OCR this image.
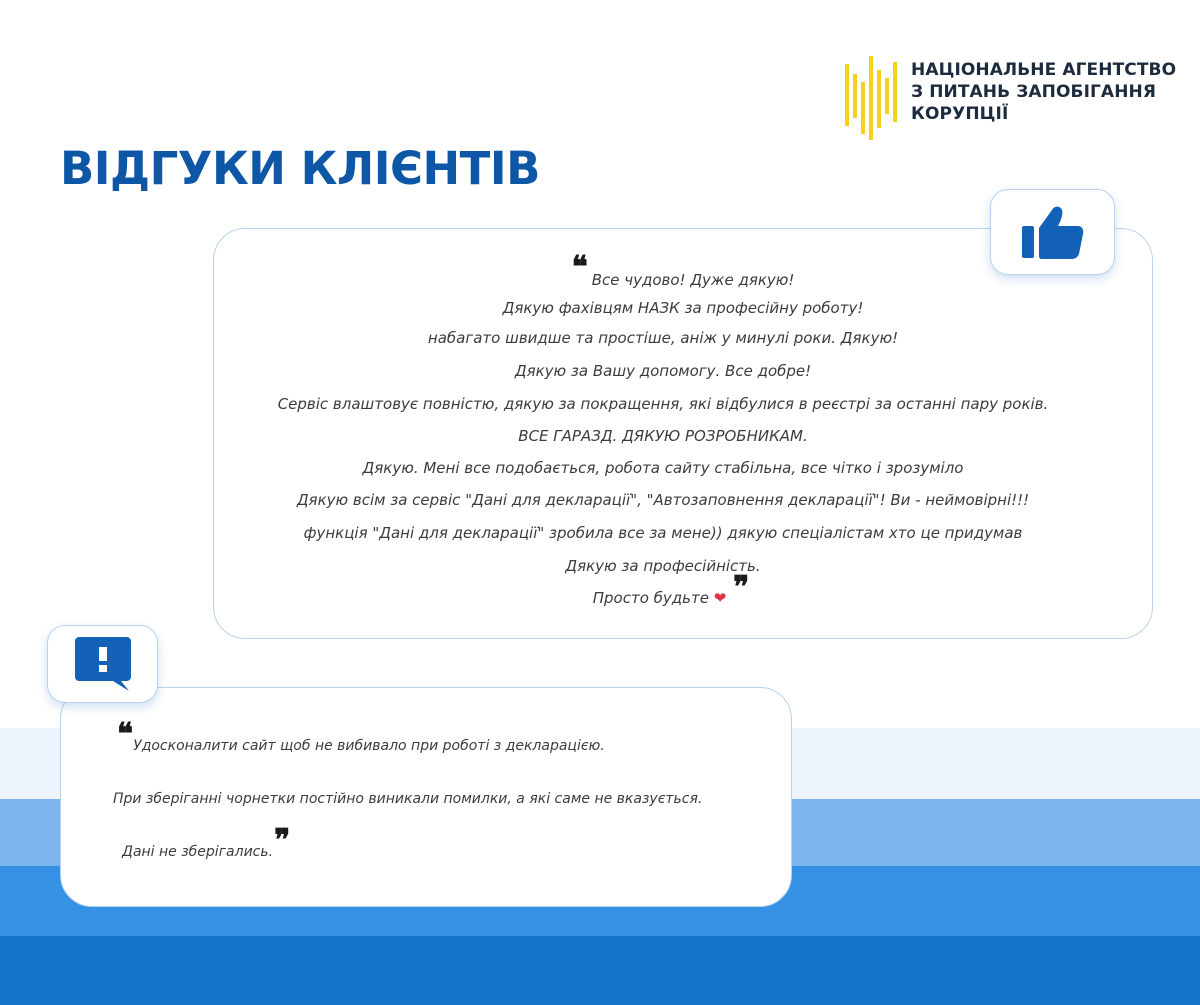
НАЦІОНАЛЬНЕ АГЕНТСТВО
З ПИТАНЬ ЗАПОБІГАННЯ
КОРУПЦІЇ
ВІДГУКИ КЛІЄНТІВ
❝ Все чудово! Дуже дякую!
Дякую фахівцям НАЗК за професійну роботу!
набагато швидше та простіше, аніж у минулі роки. Дякую!
Дякую за Вашу допомогу. Все добре!
Сервіс влаштовує повністю, дякую за покращення, які відбулися в реєстрі за останні пару років.
ВСЕ ГАРАЗД. ДЯКУЮ РОЗРОБНИКАМ.
Дякую. Мені все подобається, робота сайту стабільна, все чітко і зрозуміло
Дякую всім за сервіс "Дані для декларації", "Автозаповнення декларації"! Ви - неймовірні!!!
функція "Дані для декларації" зробила все за мене)) дякую спеціалістам хто це придумав
Дякую за професійність.
Просто будьте ❤ ❞
❝Удосконалити сайт щоб не вибивало при роботі з декларацією.
При зберіганні чорнетки постійно виникали помилки, а які саме не вказується.
Дані не зберігались.❞
